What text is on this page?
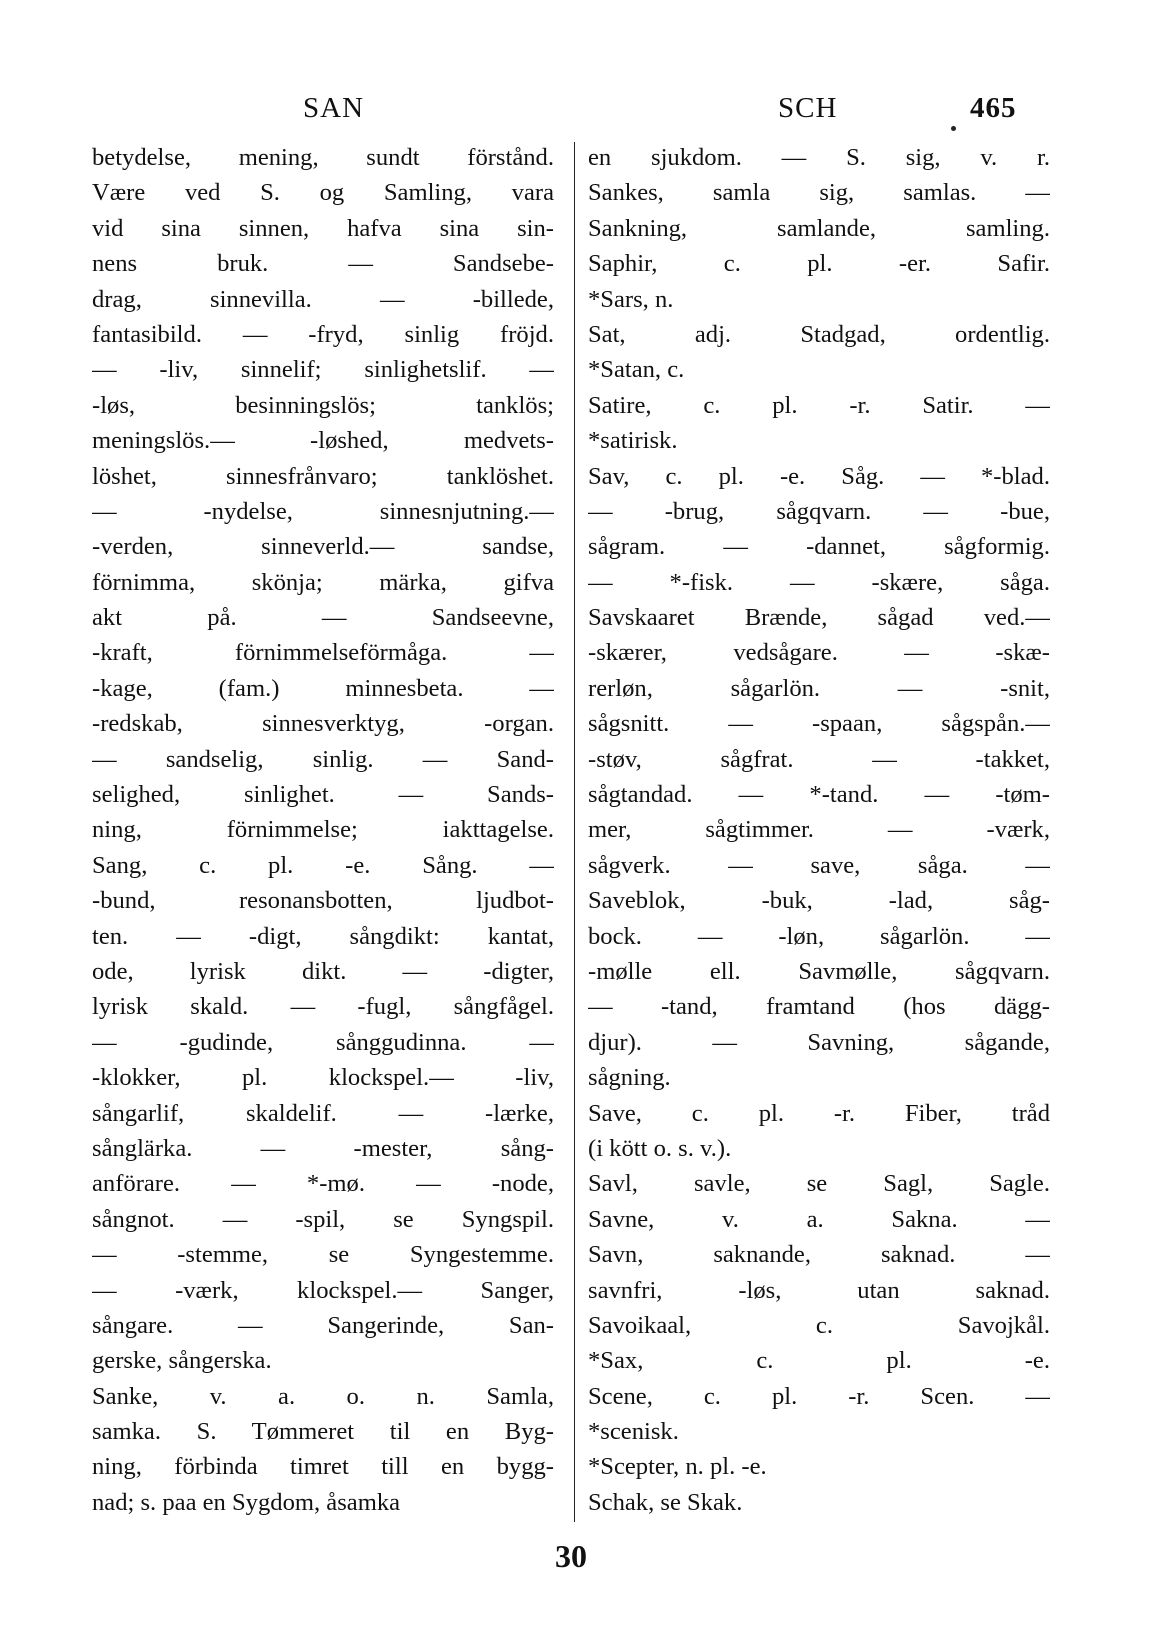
SAN	SCH	465
betydelse, mening, sundt förstånd.
Være ved S. og Samling, vara
vid sina sinnen, hafva sina sin-
nens bruk. — Sandsebe-
drag, sinnevilla. — -billede,
fantasibild. — -fryd, sinlig fröjd.
— -liv, sinnelif; sinlighetslif. —
-løs, besinningslös; tanklös;
meningslös.— -løshed, medvets-
löshet, sinnesfrånvaro; tanklöshet.
— -nydelse, sinnesnjutning.—
-verden, sinneverld.— sandse,
förnimma, skönja; märka, gifva
akt på. — Sandseevne,
-kraft, förnimmelseförmåga. —
-kage, (fam.) minnesbeta. —
-redskab, sinnesverktyg, -organ.
— sandselig, sinlig. — Sand-
selighed, sinlighet. — Sands-
ning, förnimmelse; iakttagelse.
Sang, c. pl. -e. Sång. —
-bund, resonansbotten, ljudbot-
ten. — -digt, sångdikt: kantat,
ode, lyrisk dikt. — -digter,
lyrisk skald. — -fugl, sångfågel.
— -gudinde, sånggudinna. —
-klokker, pl. klockspel.— -liv,
sångarlif, skaldelif. — -lærke,
sånglärka. — -mester, sång-
anförare. — *-mø. — -node,
sångnot. — -spil, se Syngspil.
— -stemme, se Syngestemme.
— -værk, klockspel.— Sanger,
sångare. — Sangerinde, San-
gerske, sångerska.
Sanke, v. a. o. n. Samla,
samka. S. Tømmeret til en Byg-
ning, förbinda timret till en bygg-
nad; s. paa en Sygdom, åsamka
en sjukdom. — S. sig, v. r.
Sankes, samla sig, samlas. —
Sankning, samlande, samling.
Saphir, c. pl. -er. Safir.
*Sars, n.
Sat, adj. Stadgad, ordentlig.
*Satan, c.
Satire, c. pl. -r. Satir. —
*satirisk.
Sav, c. pl. -e. Såg. — *-blad.
— -brug, sågqvarn. — -bue,
sågram. — -dannet, sågformig.
— *-fisk. — -skære, såga.
Savskaaret Brænde, sågad ved.—
-skærer, vedsågare. — -skæ-
rerløn, sågarlön. — -snit,
sågsnitt. — -spaan, sågspån.—
-støv, sågfrat. — -takket,
sågtandad. — *-tand. — -tøm-
mer, sågtimmer. — -værk,
sågverk. — save, såga. —
Saveblok, -buk, -lad, såg-
bock. — -løn, sågarlön. —
-mølle ell. Savmølle, sågqvarn.
— -tand, framtand (hos dägg-
djur). — Savning, sågande,
sågning.
Save, c. pl. -r. Fiber, tråd
(i kött o. s. v.).
Savl, savle, se Sagl, Sagle.
Savne, v. a. Sakna. —
Savn, saknande, saknad. —
savnfri, -løs, utan saknad.
Savoikaal, c. Savojkål.
*Sax, c. pl. -e.
Scene, c. pl. -r. Scen. —
*scenisk.
*Scepter, n. pl. -e.
Schak, se Skak.
30
